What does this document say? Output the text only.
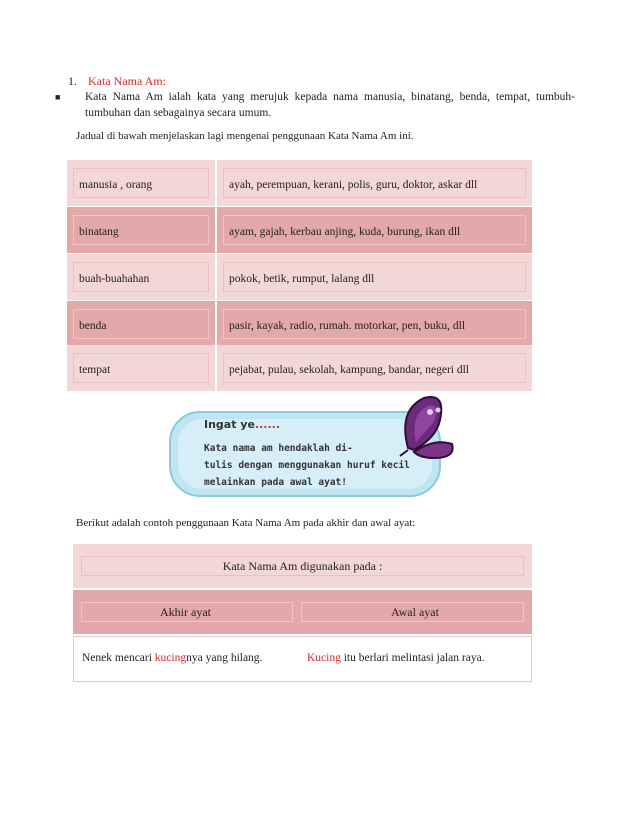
1. Kata Nama Am:
■ Kata Nama Am ialah kata yang merujuk kepada nama manusia, binatang, benda, tempat, tumbuh-tumbuhan dan sebagainya secara umum.
Jadual di bawah menjelaskan lagi mengenai penggunaan Kata Nama Am ini.
manusia , orang	ayah, perempuan, kerani, polis, guru, doktor, askar dll
binatang	ayam, gajah, kerbau anjing, kuda, burung, ikan dll
buah-buahahan	pokok, betik, rumput, lalang dll
benda	pasir, kayak, radio, rumah. motorkar, pen, buku, dll
tempat	pejabat, pulau, sekolah, kampung, bandar, negeri dll
Ingat ye......
Kata nama am hendaklah di-
tulis dengan menggunakan huruf kecil
melainkan pada awal ayat!
Berikut adalah contoh penggunaan Kata Nama Am pada akhir dan awal ayat:
Kata Nama Am digunakan pada :
Akhir ayat	Awal ayat
Nenek mencari kucingnya yang hilang.	Kucing itu berlari melintasi jalan raya.
